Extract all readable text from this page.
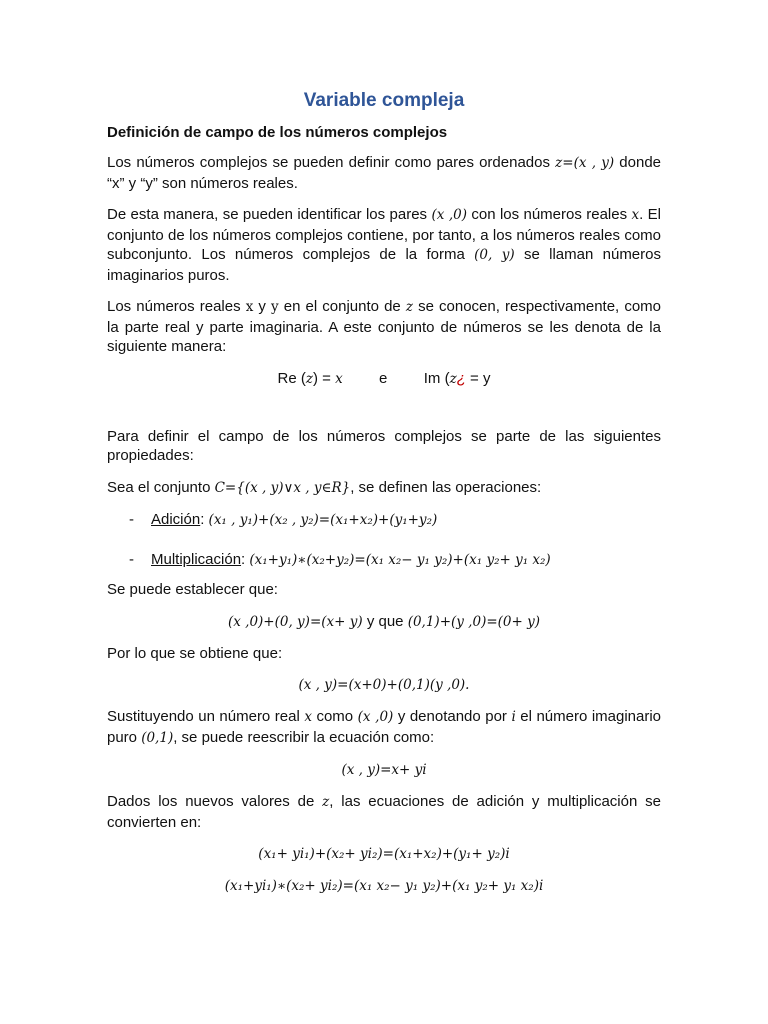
Variable compleja
Definición de campo de los números complejos

Los números complejos se pueden definir como pares ordenados z=(x , y) donde “x” y “y” son números reales.

De esta manera, se pueden identificar los pares (x ,0) con los números reales x. El conjunto de los números complejos contiene, por tanto, a los números reales como subconjunto. Los números complejos de la forma (0, y) se llaman números imaginarios puros.

Los números reales x y y en el conjunto de z se conocen, respectivamente, como la parte real y parte imaginaria. A este conjunto de números se les denota de la siguiente manera:

Re (z) = x e Im (z¿ = y

Para definir el campo de los números complejos se parte de las siguientes propiedades:

Sea el conjunto C={(x , y)∨x , y∈R}, se definen las operaciones:

-	Adición: (x₁ , y₁)+(x₂ , y₂)=(x₁+x₂)+(y₁+y₂)
-	Multiplicación: (x₁+y₁)∗(x₂+y₂)=(x₁ x₂− y₁ y₂)+(x₁ y₂+ y₁ x₂)

Se puede establecer que:

(x ,0)+(0, y)=(x+ y) y que (0,1)+(y ,0)=(0+ y)

Por lo que se obtiene que:

(x , y)=(x+0)+(0,1)(y ,0).

Sustituyendo un número real x como (x ,0) y denotando por i el número imaginario puro (0,1), se puede reescribir la ecuación como:

(x , y)=x+ yi

Dados los nuevos valores de z, las ecuaciones de adición y multiplicación se convierten en:

(x₁+ yi₁)+(x₂+ yi₂)=(x₁+x₂)+(y₁+ y₂)i
(x₁+yi₁)∗(x₂+ yi₂)=(x₁ x₂− y₁ y₂)+(x₁ y₂+ y₁ x₂)i
